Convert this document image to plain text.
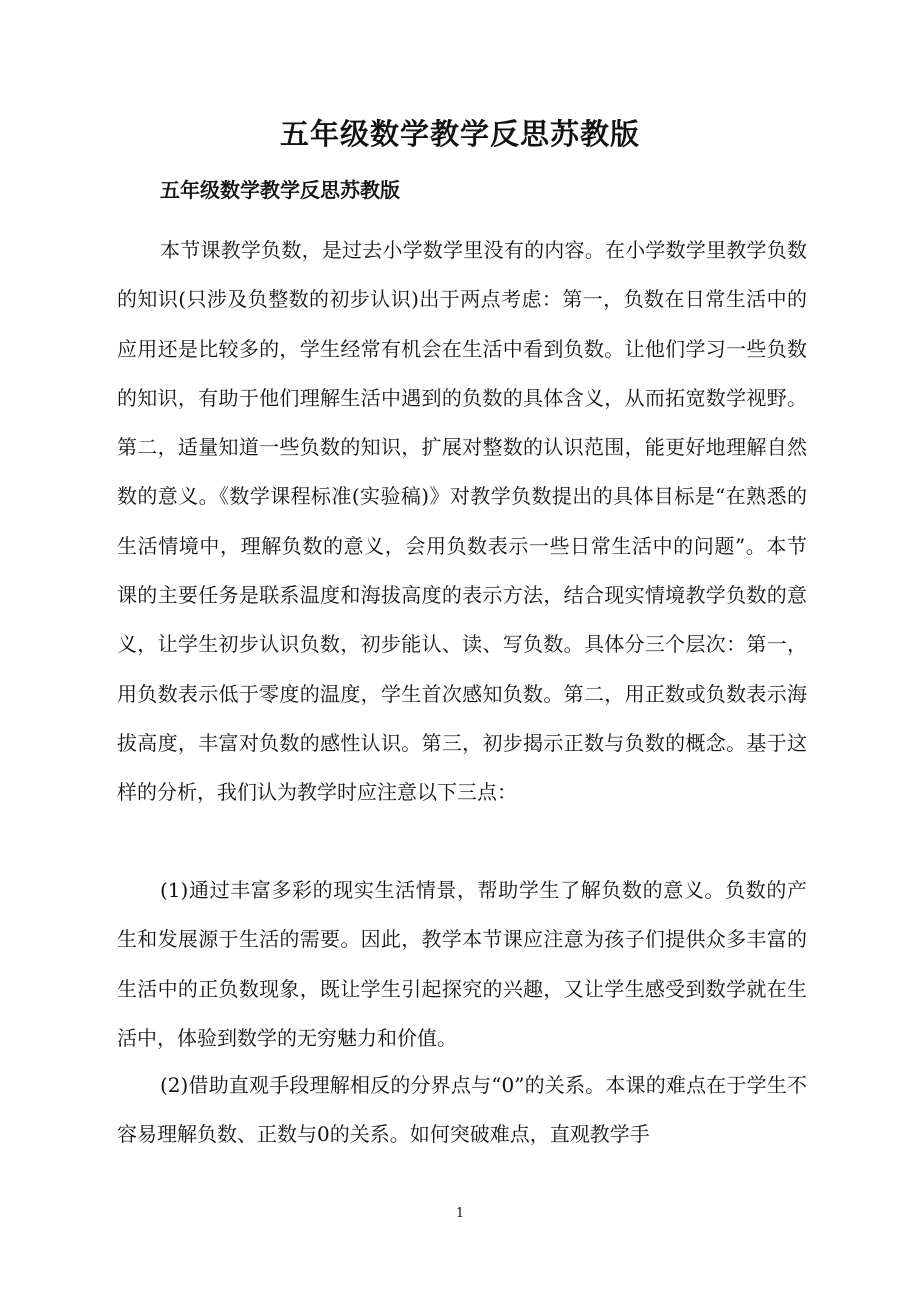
五年级数学教学反思苏教版
五年级数学教学反思苏教版

本节课教学负数，是过去小学数学里没有的内容。在小学数学里教学负数的知识(只涉及负整数的初步认识)出于两点考虑：第一，负数在日常生活中的应用还是比较多的，学生经常有机会在生活中看到负数。让他们学习一些负数的知识，有助于他们理解生活中遇到的负数的具体含义，从而拓宽数学视野。第二，适量知道一些负数的知识，扩展对整数的认识范围，能更好地理解自然数的意义。《数学课程标准(实验稿)》对教学负数提出的具体目标是“在熟悉的生活情境中，理解负数的意义，会用负数表示一些日常生活中的问题”。本节课的主要任务是联系温度和海拔高度的表示方法，结合现实情境教学负数的意义，让学生初步认识负数，初步能认、读、写负数。具体分三个层次：第一，用负数表示低于零度的温度，学生首次感知负数。第二，用正数或负数表示海拔高度，丰富对负数的感性认识。第三，初步揭示正数与负数的概念。基于这样的分析，我们认为教学时应注意以下三点：

(1)通过丰富多彩的现实生活情景，帮助学生了解负数的意义。负数的产生和发展源于生活的需要。因此，教学本节课应注意为孩子们提供众多丰富的生活中的正负数现象，既让学生引起探究的兴趣，又让学生感受到数学就在生活中，体验到数学的无穷魅力和价值。

(2)借助直观手段理解相反的分界点与“0”的关系。本课的难点在于学生不容易理解负数、正数与0的关系。如何突破难点，直观教学手

1
